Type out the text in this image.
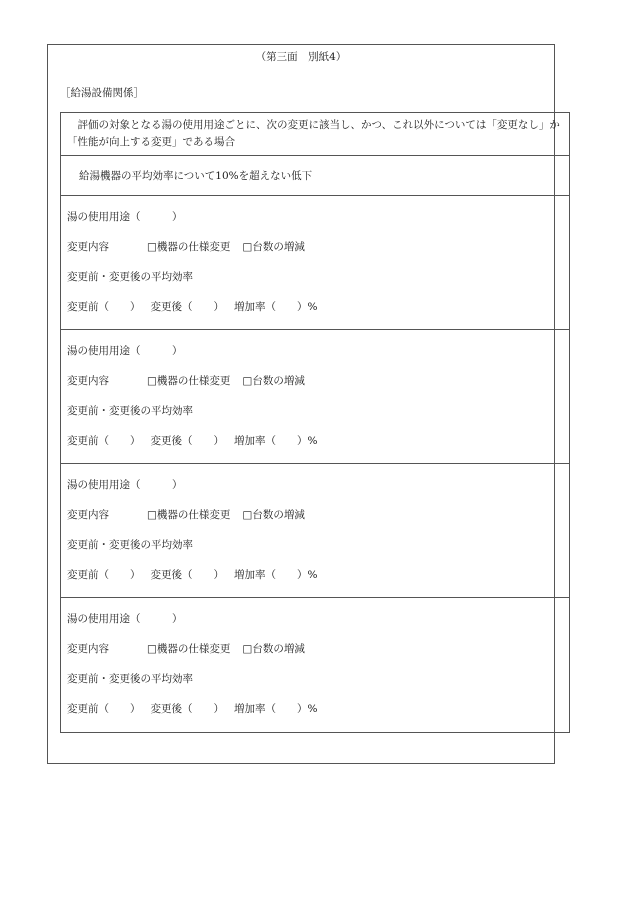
（第三面　別紙4）
［給湯設備関係］
評価の対象となる湯の使用用途ごとに、次の変更に該当し、かつ、これ以外については「変更なし」か「性能が向上する変更」である場合
給湯機器の平均効率について10%を超えない低下
湯の使用用途（　　　）
変更内容	□機器の仕様変更 □台数の増減
変更前・変更後の平均効率
変更前（　　） 変更後（　　） 増加率（　　）%
湯の使用用途（　　　）
変更内容	□機器の仕様変更 □台数の増減
変更前・変更後の平均効率
変更前（　　） 変更後（　　） 増加率（　　）%
湯の使用用途（　　　）
変更内容	□機器の仕様変更 □台数の増減
変更前・変更後の平均効率
変更前（　　） 変更後（　　） 増加率（　　）%
湯の使用用途（　　　）
変更内容	□機器の仕様変更 □台数の増減
変更前・変更後の平均効率
変更前（　　） 変更後（　　） 増加率（　　）%
